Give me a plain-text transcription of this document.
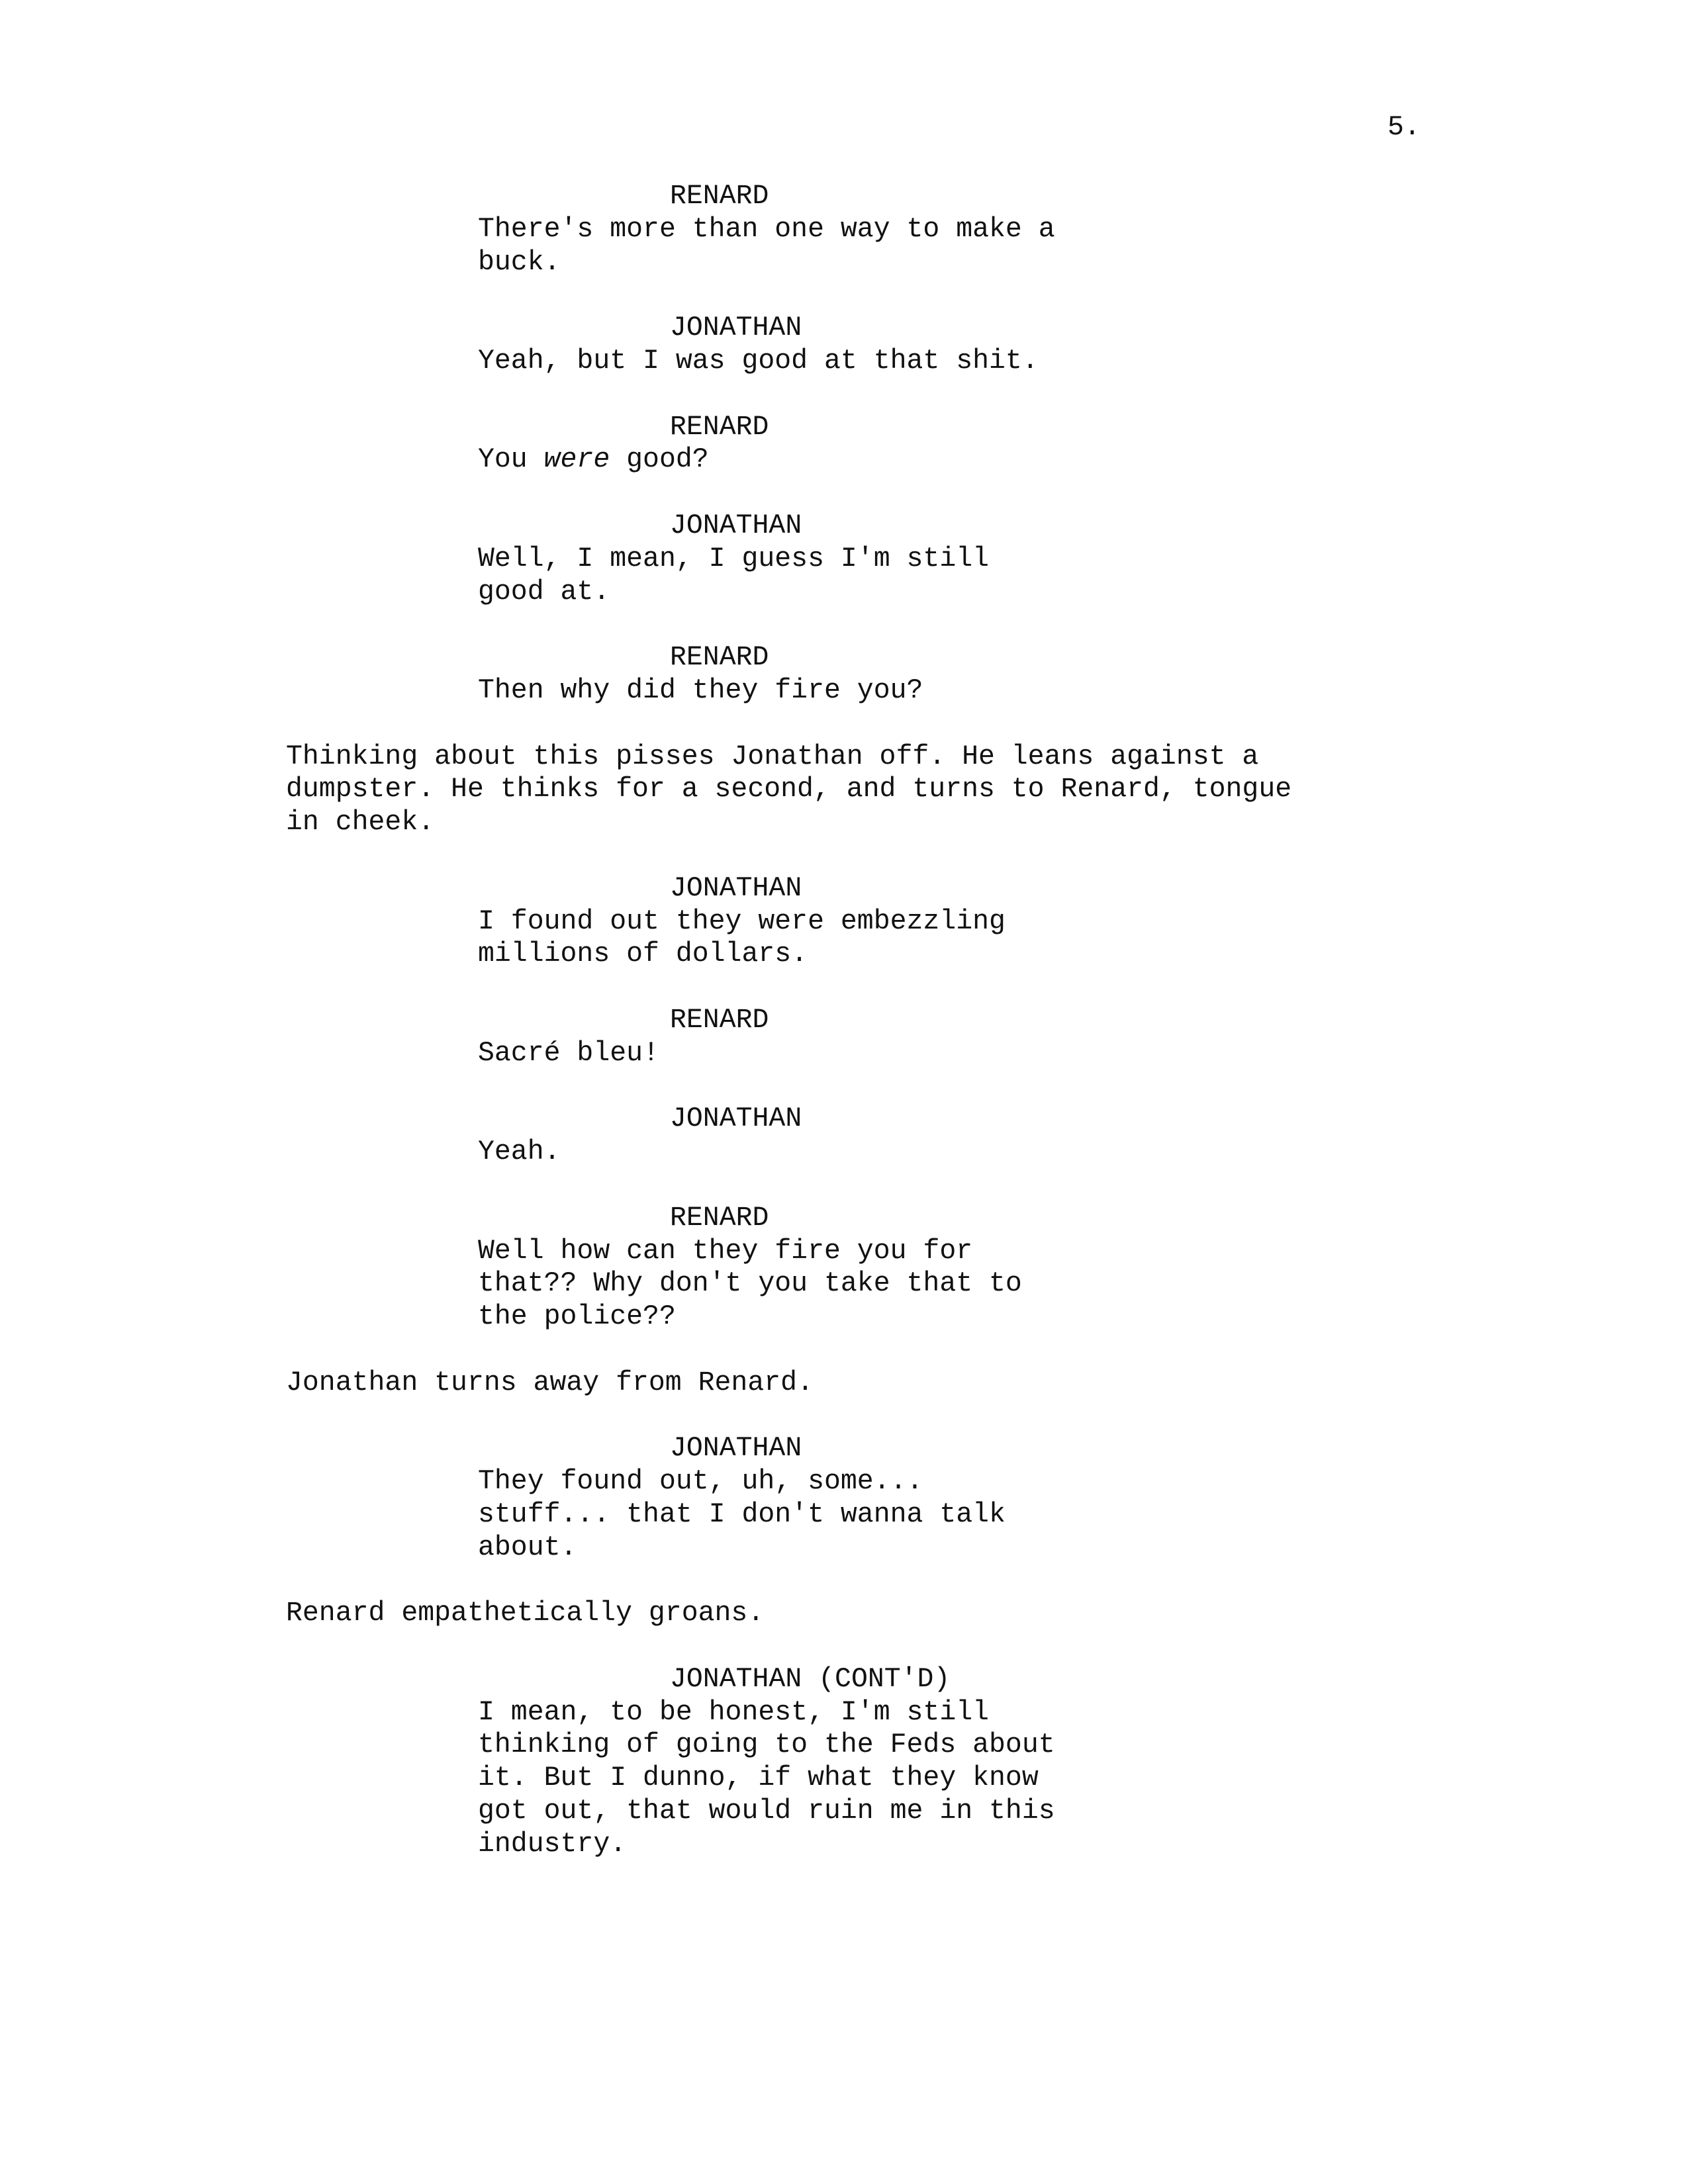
5.
RENARD
There's more than one way to make a
buck.
JONATHAN
Yeah, but I was good at that shit.
RENARD
You were good?
JONATHAN
Well, I mean, I guess I'm still
good at.
RENARD
Then why did they fire you?
Thinking about this pisses Jonathan off. He leans against a
dumpster. He thinks for a second, and turns to Renard, tongue
in cheek.
JONATHAN
I found out they were embezzling
millions of dollars.
RENARD
Sacré bleu!
JONATHAN
Yeah.
RENARD
Well how can they fire you for
that?? Why don't you take that to
the police??
Jonathan turns away from Renard.
JONATHAN
They found out, uh, some...
stuff... that I don't wanna talk
about.
Renard empathetically groans.
JONATHAN (CONT'D)
I mean, to be honest, I'm still
thinking of going to the Feds about
it. But I dunno, if what they know
got out, that would ruin me in this
industry.
